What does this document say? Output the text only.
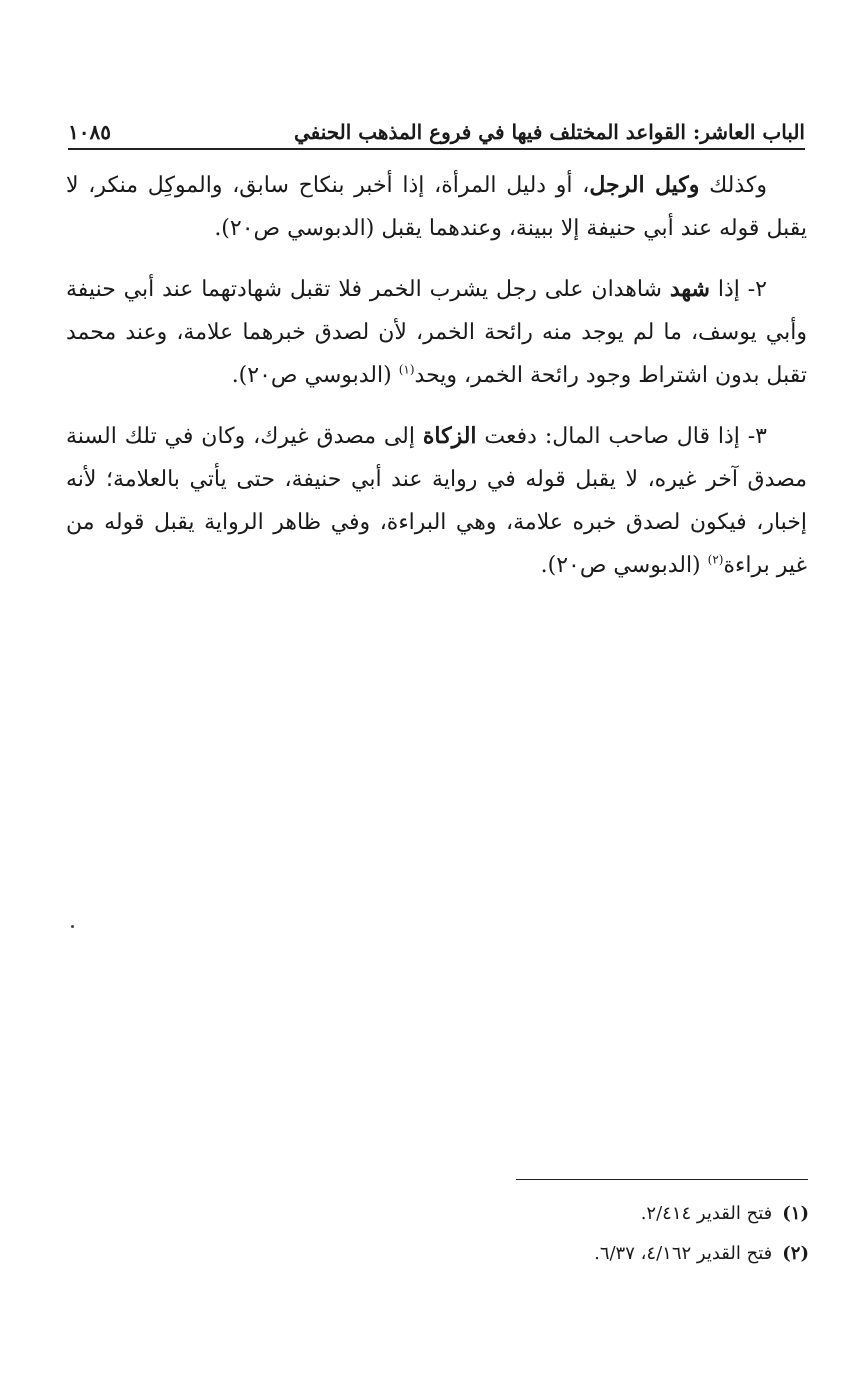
الباب العاشر: القواعد المختلف فيها في فروع المذهب الحنفي
١٠٨٥

وكذلك وكيل الرجل، أو دليل المرأة، إذا أخبر بنكاح سابق، والموكِل منكر، لا يقبل قوله عند أبي حنيفة إلا ببينة، وعندهما يقبل (الدبوسي ص٢٠).

٢- إذا شهد شاهدان على رجل يشرب الخمر فلا تقبل شهادتهما عند أبي حنيفة وأبي يوسف، ما لم يوجد منه رائحة الخمر، لأن لصدق خبرهما علامة، وعند محمد تقبل بدون اشتراط وجود رائحة الخمر، ويحد$^{(١)}$ (الدبوسي ص٢٠).

٣- إذا قال صاحب المال: دفعت الزكاة إلى مصدق غيرك، وكان في تلك السنة مصدق آخر غيره، لا يقبل قوله في رواية عند أبي حنيفة، حتى يأتي بالعلامة؛ لأنه إخبار، فيكون لصدق خبره علامة، وهي البراءة، وفي ظاهر الرواية يقبل قوله من غير براءة$^{(٢)}$ (الدبوسي ص٢٠).

(١)فتح القدير ٢/٤١٤.

(٢)فتح القدير ٤/١٦٢، ٦/٣٧.
